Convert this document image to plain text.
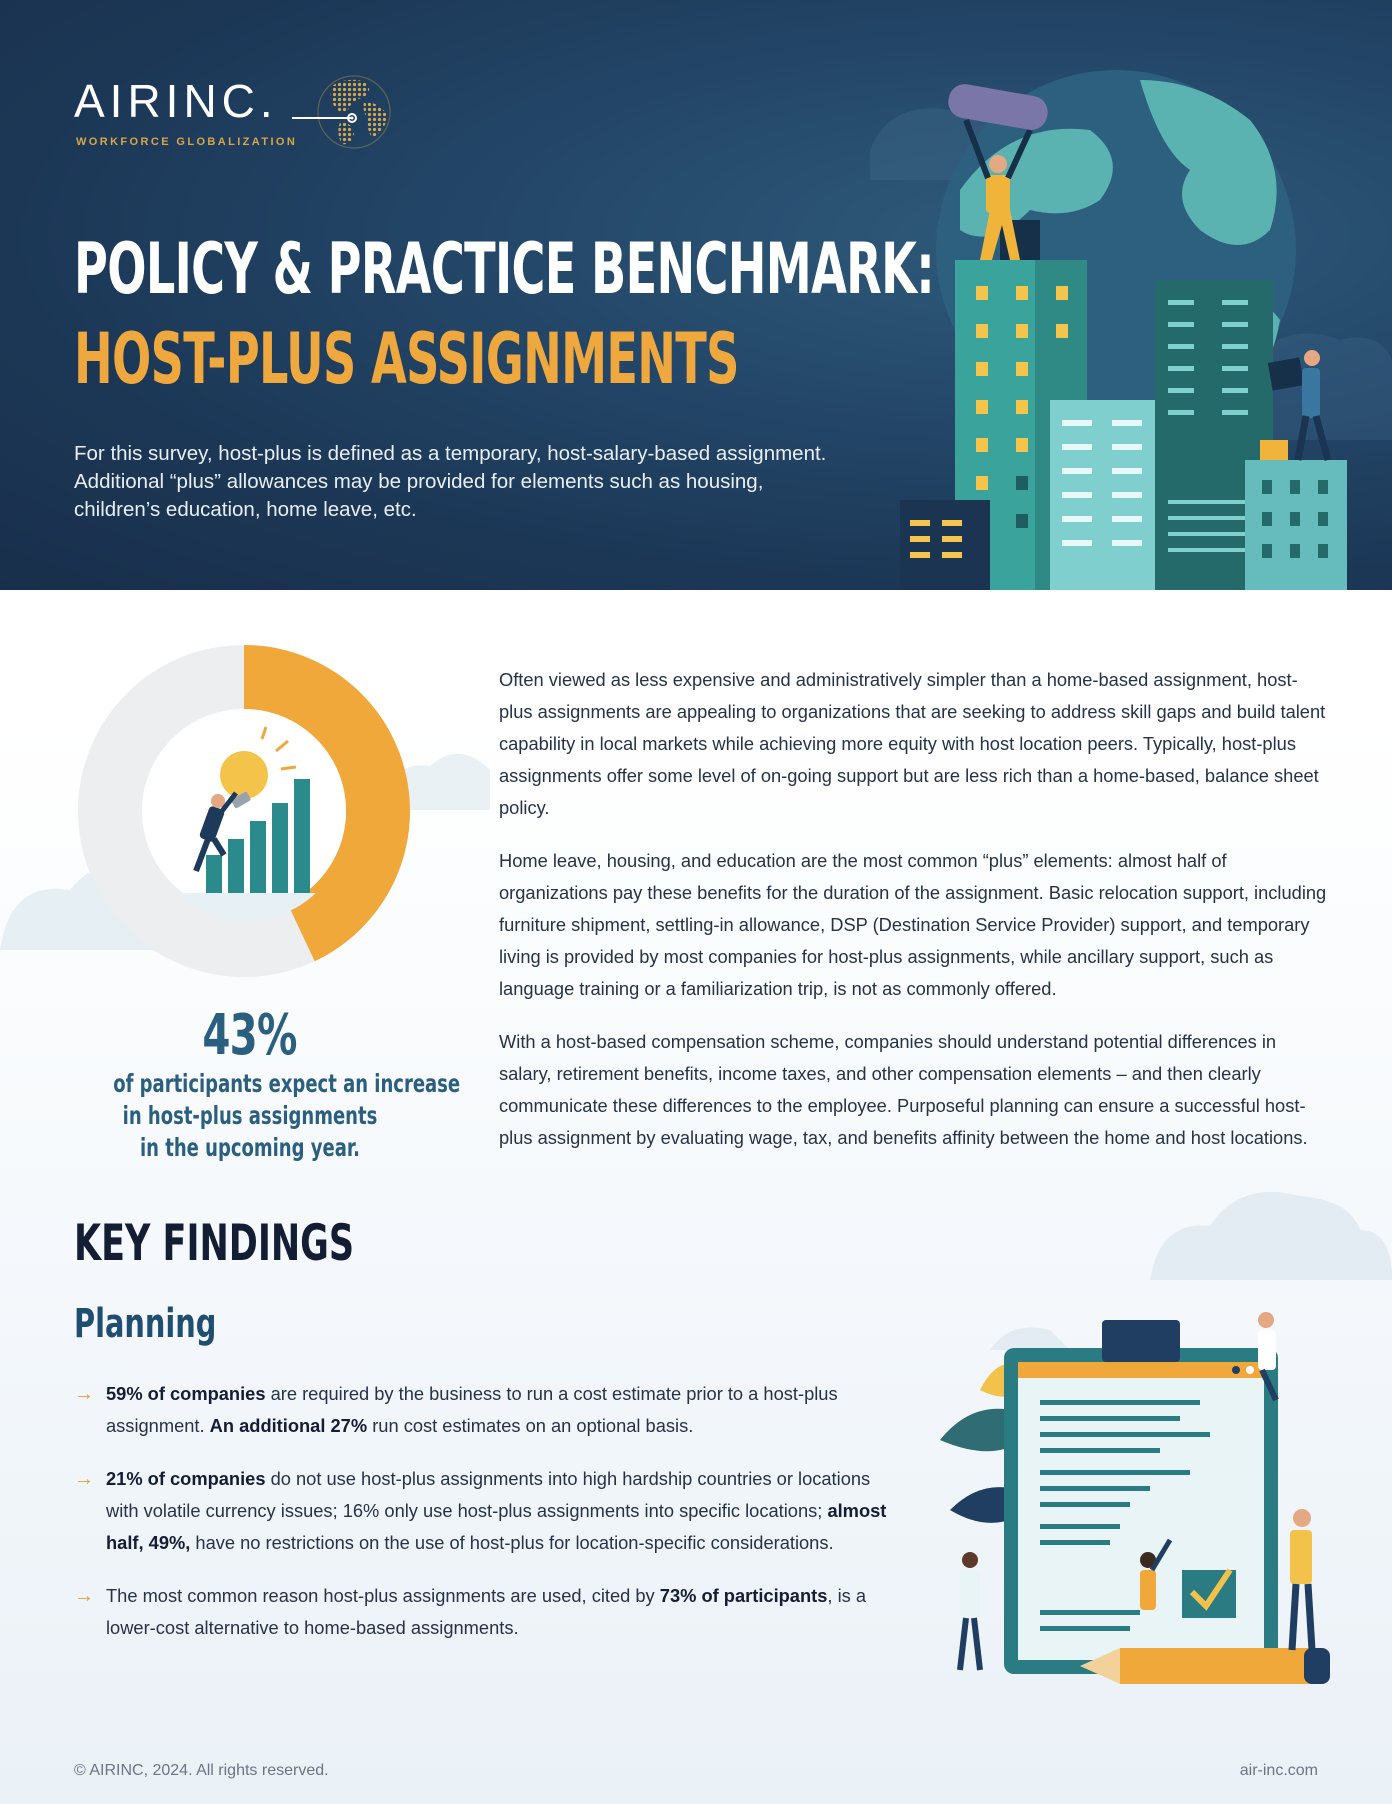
AIRINC.
WORKFORCE GLOBALIZATION
POLICY & PRACTICE BENCHMARK:
HOST-PLUS ASSIGNMENTS

For this survey, host-plus is defined as a temporary, host-salary-based assignment. Additional “plus” allowances may be provided for elements such as housing, children’s education, home leave, etc.

43%
of participants expect an increase
in host-plus assignments
in the upcoming year.

Often viewed as less expensive and administratively simpler than a home-based assignment, host-plus assignments are appealing to organizations that are seeking to address skill gaps and build talent capability in local markets while achieving more equity with host location peers. Typically, host-plus assignments offer some level of on-going support but are less rich than a home-based, balance sheet policy.

Home leave, housing, and education are the most common “plus” elements: almost half of organizations pay these benefits for the duration of the assignment. Basic relocation support, including furniture shipment, settling-in allowance, DSP (Destination Service Provider) support, and temporary living is provided by most companies for host-plus assignments, while ancillary support, such as language training or a familiarization trip, is not as commonly offered.

With a host-based compensation scheme, companies should understand potential differences in salary, retirement benefits, income taxes, and other compensation elements – and then clearly communicate these differences to the employee. Purposeful planning can ensure a successful host-plus assignment by evaluating wage, tax, and benefits affinity between the home and host locations.

KEY FINDINGS
Planning
→ 59% of companies are required by the business to run a cost estimate prior to a host-plus assignment. An additional 27% run cost estimates on an optional basis.
→ 21% of companies do not use host-plus assignments into high hardship countries or locations with volatile currency issues; 16% only use host-plus assignments into specific locations; almost half, 49%, have no restrictions on the use of host-plus for location-specific considerations.
→ The most common reason host-plus assignments are used, cited by 73% of participants, is a lower-cost alternative to home-based assignments.
© AIRINC, 2024. All rights reserved.	air-inc.com
